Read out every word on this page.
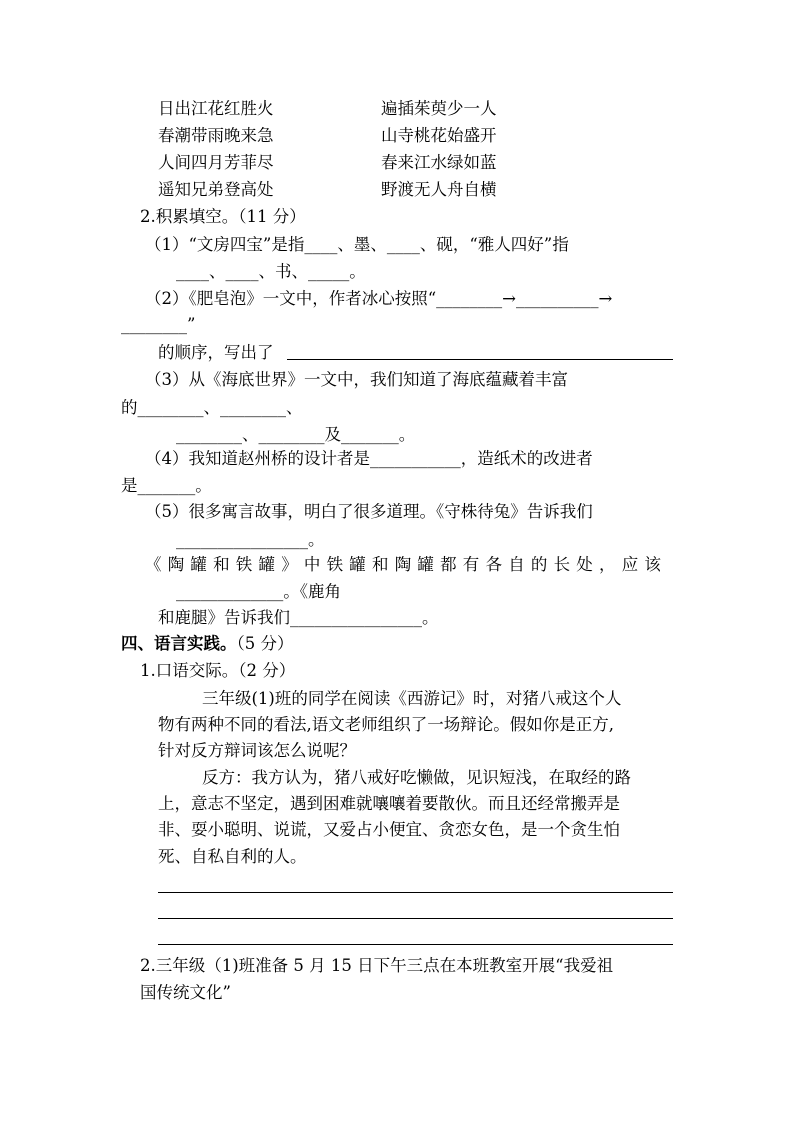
日出江花红胜火	遍插茱萸少一人
春潮带雨晚来急	山寺桃花始盛开
人间四月芳菲尽	春来江水绿如蓝
遥知兄弟登高处	野渡无人舟自横
2.积累填空。（11 分）
（1）“文房四宝”是指____、墨、____、砚，“雅人四好”指
____、____、书、_____。
（2）《肥皂泡》一文中，作者冰心按照“________→__________→
________”
的顺序，写出了
（3）从《海底世界》一文中，我们知道了海底蕴藏着丰富
的________、________、
________、________及_______。
（4）我知道赵州桥的设计者是___________，造纸术的改进者
是_______。
（5）很多寓言故事，明白了很多道理。《守株待兔》告诉我们
________________。
《陶罐和铁罐》中铁罐和陶罐都有各自的长处，应该
_____________。《鹿角
和鹿腿》告诉我们________________。
四、语言实践。（5 分）
1.口语交际。（2 分）
三年级(1)班的同学在阅读《西游记》时，对猪八戒这个人
物有两种不同的看法,语文老师组织了一场辩论。假如你是正方,
针对反方辩词该怎么说呢？
反方：我方认为，猪八戒好吃懒做，见识短浅，在取经的路
上，意志不坚定，遇到困难就嚷嚷着要散伙。而且还经常搬弄是
非、耍小聪明、说谎，又爱占小便宜、贪恋女色，是一个贪生怕
死、自私自利的人。
2.三年级（1)班准备 5 月 15 日下午三点在本班教室开展“我爱祖
国传统文化”
